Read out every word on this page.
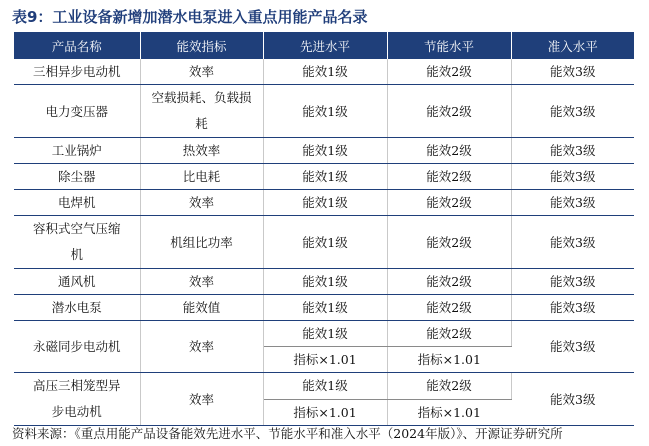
表9：工业设备新增加潜水电泵进入重点用能产品名录
产品名称	能效指标	先进水平	节能水平	准入水平
三相异步电动机	效率	能效1级	能效2级	能效3级
电力变压器	空载损耗、负载损
耗	能效1级	能效2级	能效3级
工业锅炉	热效率	能效1级	能效2级	能效3级
除尘器	比电耗	能效1级	能效2级	能效3级
电焊机	效率	能效1级	能效2级	能效3级

容积式空气压缩
机	机组比功率	能效1级	能效2级	能效3级
通风机	效率	能效1级	能效2级	能效3级
潜水电泵	能效值	能效1级	能效2级	能效3级
永磁同步电动机	效率	能效1级	能效2级	能效3级
		指标×1.01	指标×1.01	

高压三相笼型异
步电动机	效率	能效1级	能效2级	能效3级
		指标×1.01	指标×1.01	
资料来源：《重点用能产品设备能效先进水平、节能水平和准入水平（2024年版）》、开源证券研究所
